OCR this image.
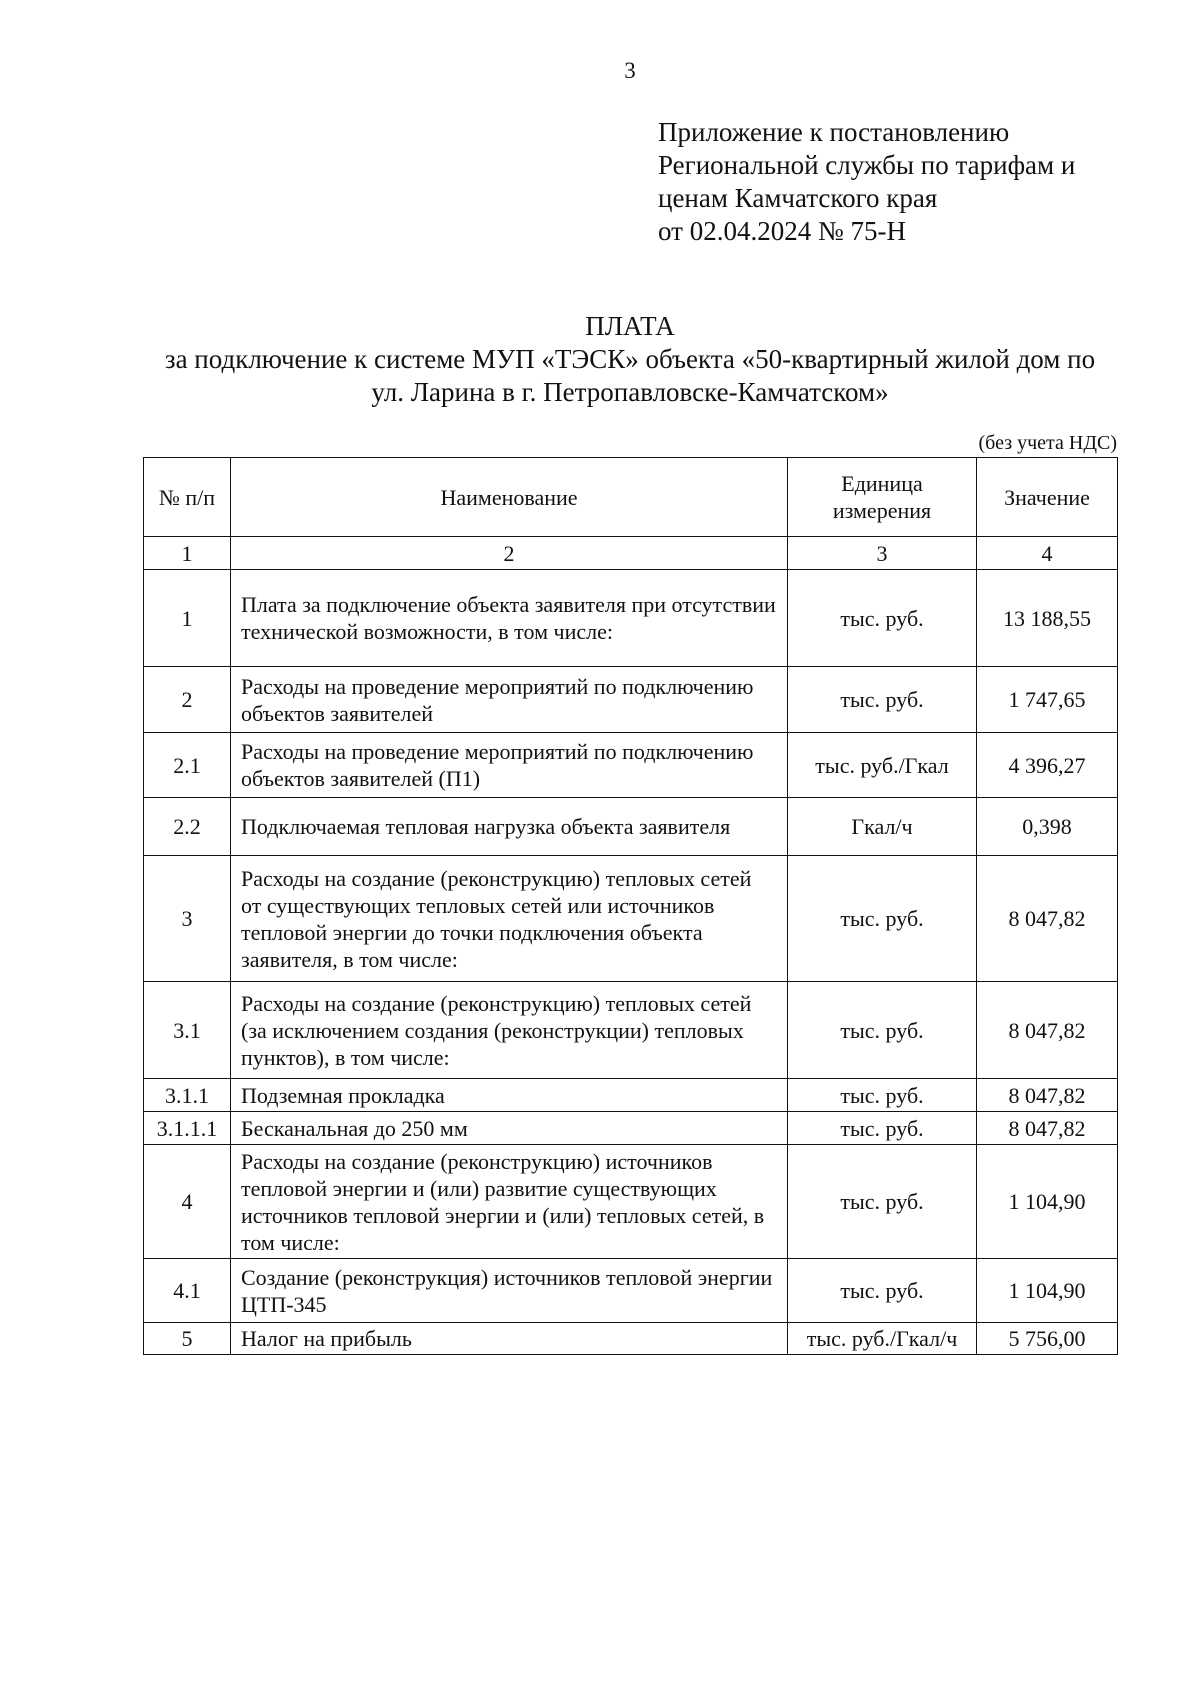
3
Приложение к постановлению
Региональной службы по тарифам и
ценам Камчатского края
от 02.04.2024 № 75-Н
ПЛАТА
за подключение к системе МУП «ТЭСК» объекта «50-квартирный жилой дом по
ул. Ларина в г. Петропавловске-Камчатском»
(без учета НДС)
№ п/п	Наименование	Единица измерения	Значение
1	2	3	4
1	Плата за подключение объекта заявителя при отсутствии технической возможности, в том числе:	тыс. руб.	13 188,55
2	Расходы на проведение мероприятий по подключению объектов заявителей	тыс. руб.	1 747,65
2.1	Расходы на проведение мероприятий по подключению объектов заявителей (П1)	тыс. руб./Гкал	4 396,27
2.2	Подключаемая тепловая нагрузка объекта заявителя	Гкал/ч	0,398
3	Расходы на создание (реконструкцию) тепловых сетей от существующих тепловых сетей или источников тепловой энергии до точки подключения объекта заявителя, в том числе:	тыс. руб.	8 047,82
3.1	Расходы на создание (реконструкцию) тепловых сетей (за исключением создания (реконструкции) тепловых пунктов), в том числе:	тыс. руб.	8 047,82
3.1.1	Подземная прокладка	тыс. руб.	8 047,82
3.1.1.1	Бесканальная до 250 мм	тыс. руб.	8 047,82
4	Расходы на создание (реконструкцию) источников тепловой энергии и (или) развитие существующих источников тепловой энергии и (или) тепловых сетей, в том числе:	тыс. руб.	1 104,90
4.1	Создание (реконструкция) источников тепловой энергии ЦТП-345	тыс. руб.	1 104,90
5	Налог на прибыль	тыс. руб./Гкал/ч	5 756,00
